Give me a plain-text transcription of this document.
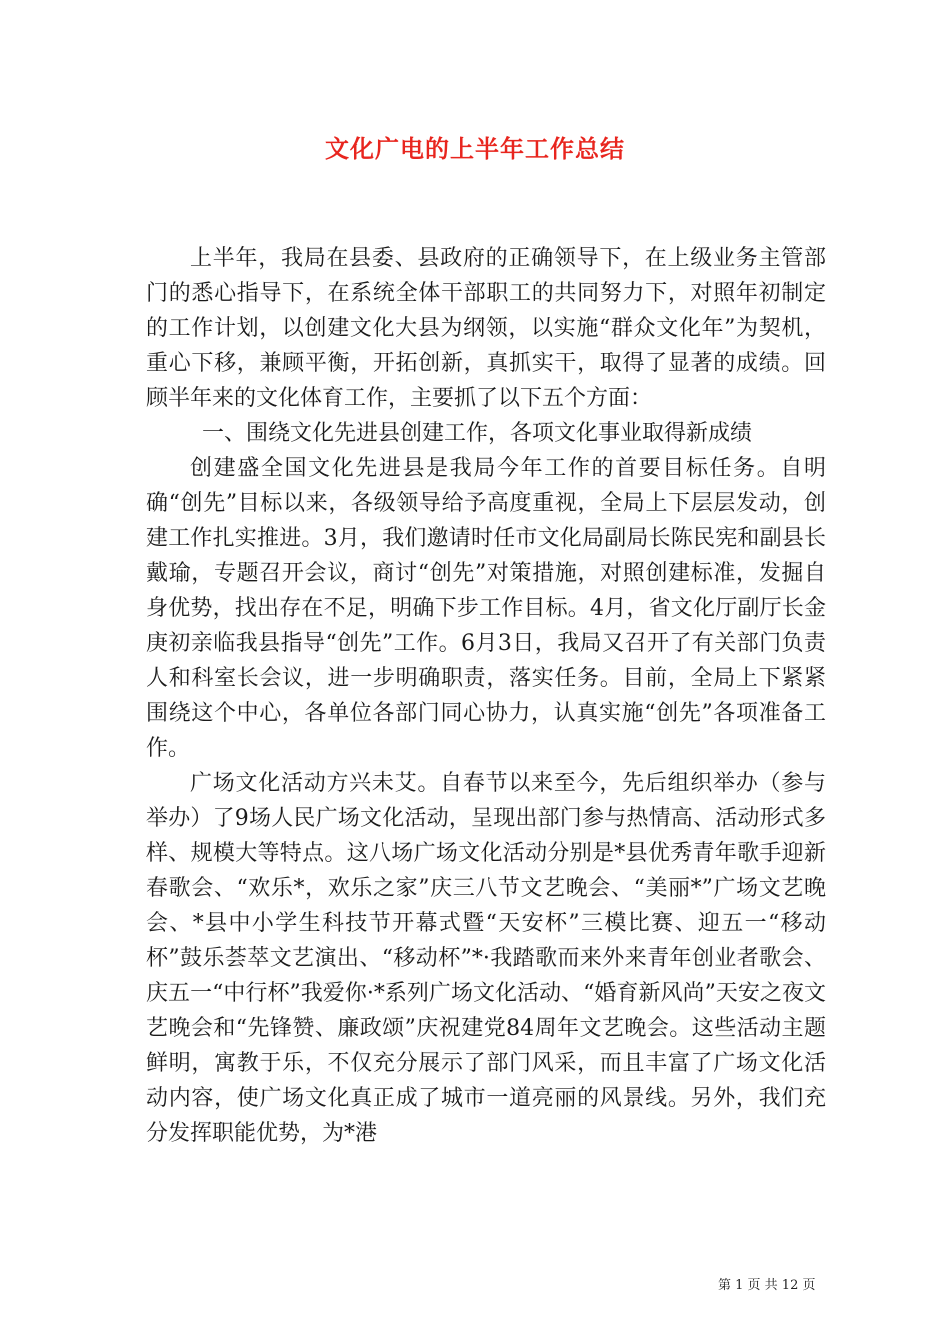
文化广电的上半年工作总结

上半年，我局在县委、县政府的正确领导下，在上级业务主管部门的悉心指导下，在系统全体干部职工的共同努力下，对照年初制定的工作计划，以创建文化大县为纲领，以实施“群众文化年”为契机，重心下移，兼顾平衡，开拓创新，真抓实干，取得了显著的成绩。回顾半年来的文化体育工作，主要抓了以下五个方面：

一、围绕文化先进县创建工作，各项文化事业取得新成绩

创建盛全国文化先进县是我局今年工作的首要目标任务。自明确“创先”目标以来，各级领导给予高度重视，全局上下层层发动，创建工作扎实推进。3月，我们邀请时任市文化局副局长陈民宪和副县长戴瑜，专题召开会议，商讨“创先”对策措施，对照创建标准，发掘自身优势，找出存在不足，明确下步工作目标。4月，省文化厅副厅长金庚初亲临我县指导“创先”工作。6月3日，我局又召开了有关部门负责人和科室长会议，进一步明确职责，落实任务。目前，全局上下紧紧围绕这个中心，各单位各部门同心协力，认真实施“创先”各项准备工作。

广场文化活动方兴未艾。自春节以来至今，先后组织举办（参与举办）了9场人民广场文化活动，呈现出部门参与热情高、活动形式多样、规模大等特点。这八场广场文化活动分别是*县优秀青年歌手迎新春歌会、“欢乐*，欢乐之家”庆三八节文艺晚会、“美丽*”广场文艺晚会、*县中小学生科技节开幕式暨“天安杯”三模比赛、迎五一“移动杯”鼓乐荟萃文艺演出、“移动杯”*·我踏歌而来外来青年创业者歌会、庆五一“中行杯”我爱你·*系列广场文化活动、“婚育新风尚”天安之夜文艺晚会和“先锋赞、廉政颂”庆祝建党84周年文艺晚会。这些活动主题鲜明，寓教于乐，不仅充分展示了部门风采，而且丰富了广场文化活动内容，使广场文化真正成了城市一道亮丽的风景线。另外，我们充分发挥职能优势，为*港

第 1 页 共 12 页
